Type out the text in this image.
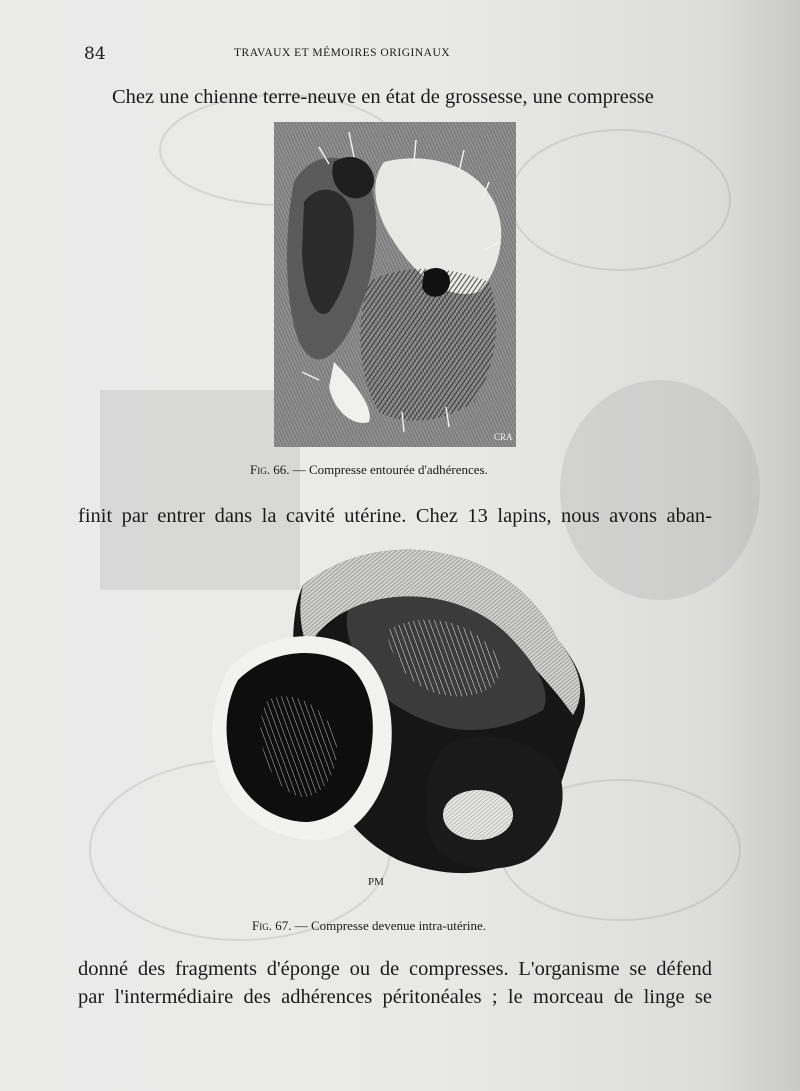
84	TRAVAUX ET MÉMOIRES ORIGINAUX
Chez une chienne terre-neuve en état de grossesse, une compresse
CRA
Fig. 66. — Compresse entourée d'adhérences.
finit par entrer dans la cavité utérine. Chez 13 lapins, nous avons aban-
PM
Fig. 67. — Compresse devenue intra-utérine.
donné des fragments d'éponge ou de compresses. L'organisme se défend
par l'intermédiaire des adhérences péritonéales ; le morceau de linge se
